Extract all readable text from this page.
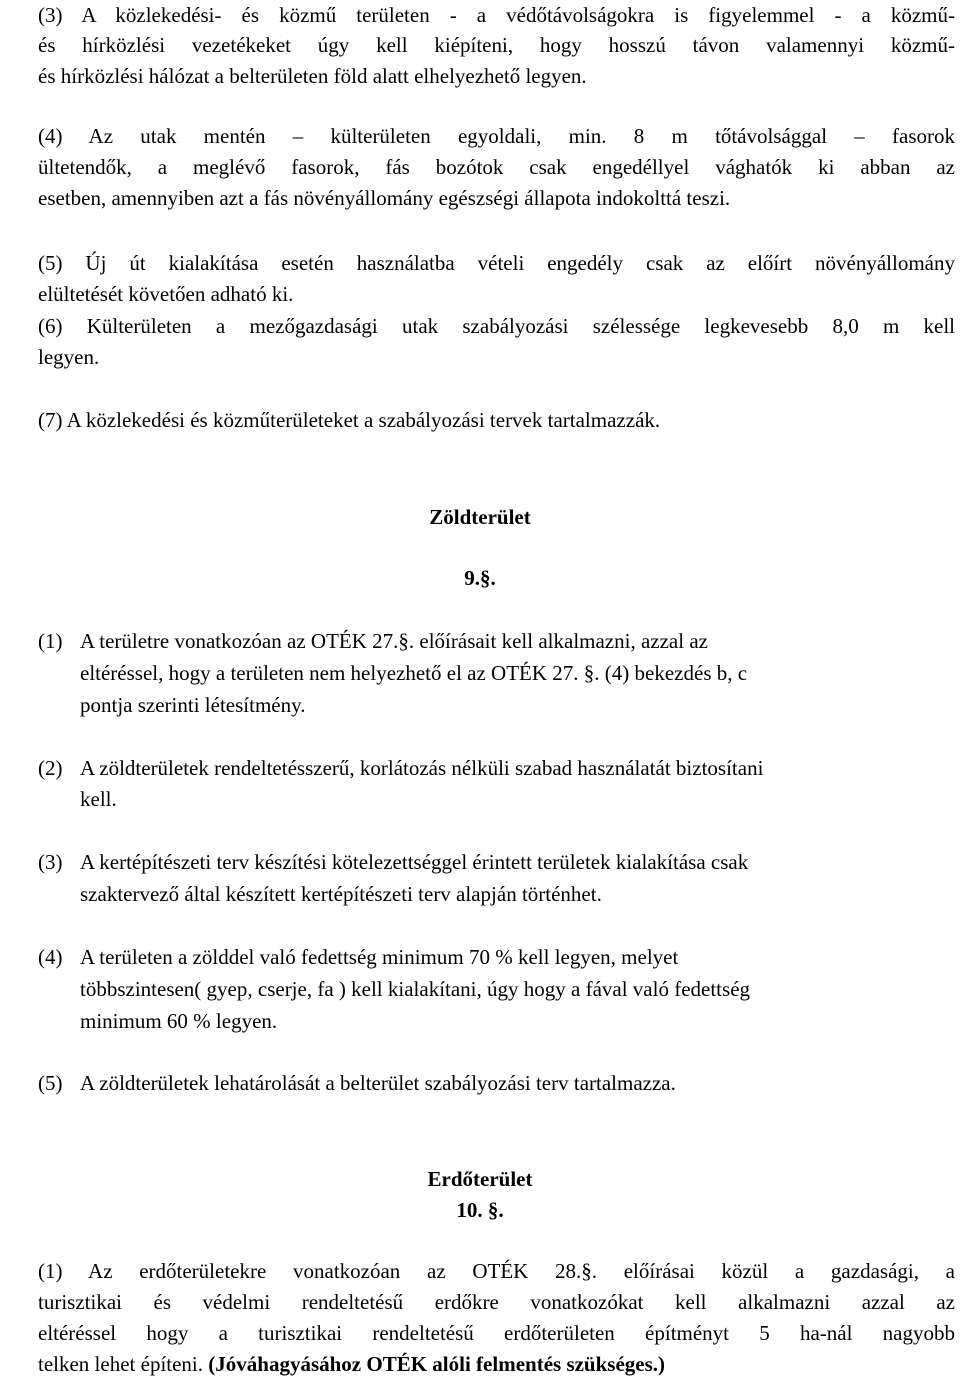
(3) A közlekedési- és közmű területen - a védőtávolságokra is figyelemmel - a közmű-
és hírközlési vezetékeket úgy kell kiépíteni, hogy hosszú távon valamennyi közmű-
és hírközlési hálózat a belterületen föld alatt elhelyezhető legyen.
(4) Az utak mentén – külterületen egyoldali, min. 8 m tőtávolsággal – fasorok
ültetendők, a meglévő fasorok, fás bozótok csak engedéllyel vághatók ki abban az
esetben, amennyiben azt a fás növényállomány egészségi állapota indokolttá teszi.
(5) Új út kialakítása esetén használatba vételi engedély csak az előírt növényállomány
elültetését követően adható ki.
(6) Külterületen a mezőgazdasági utak szabályozási szélessége legkevesebb 8,0 m kell
legyen.
(7) A közlekedési és közműterületeket a szabályozási tervek tartalmazzák.
Zöldterület
9.§.
(1) A területre vonatkozóan az OTÉK 27.§. előírásait kell alkalmazni, azzal az
eltéréssel, hogy a területen nem helyezhető el az OTÉK 27. §. (4) bekezdés b, c
pontja szerinti létesítmény.
(2) A zöldterületek rendeltetésszerű, korlátozás nélküli szabad használatát biztosítani
kell.
(3) A kertépítészeti terv készítési kötelezettséggel érintett területek kialakítása csak
szaktervező által készített kertépítészeti terv alapján történhet.
(4) A területen a zölddel való fedettség minimum 70 % kell legyen, melyet
többszintesen( gyep, cserje, fa ) kell kialakítani, úgy hogy a fával való fedettség
minimum 60 % legyen.
(5) A zöldterületek lehatárolását a belterület szabályozási terv tartalmazza.
Erdőterület
10. §.
(1) Az erdőterületekre vonatkozóan az OTÉK 28.§. előírásai közül a gazdasági, a
turisztikai és védelmi rendeltetésű erdőkre vonatkozókat kell alkalmazni azzal az
eltéréssel hogy a turisztikai rendeltetésű erdőterületen építményt 5 ha-nál nagyobb
telken lehet építeni. (Jóváhagyásához OTÉK alóli felmentés szükséges.)
